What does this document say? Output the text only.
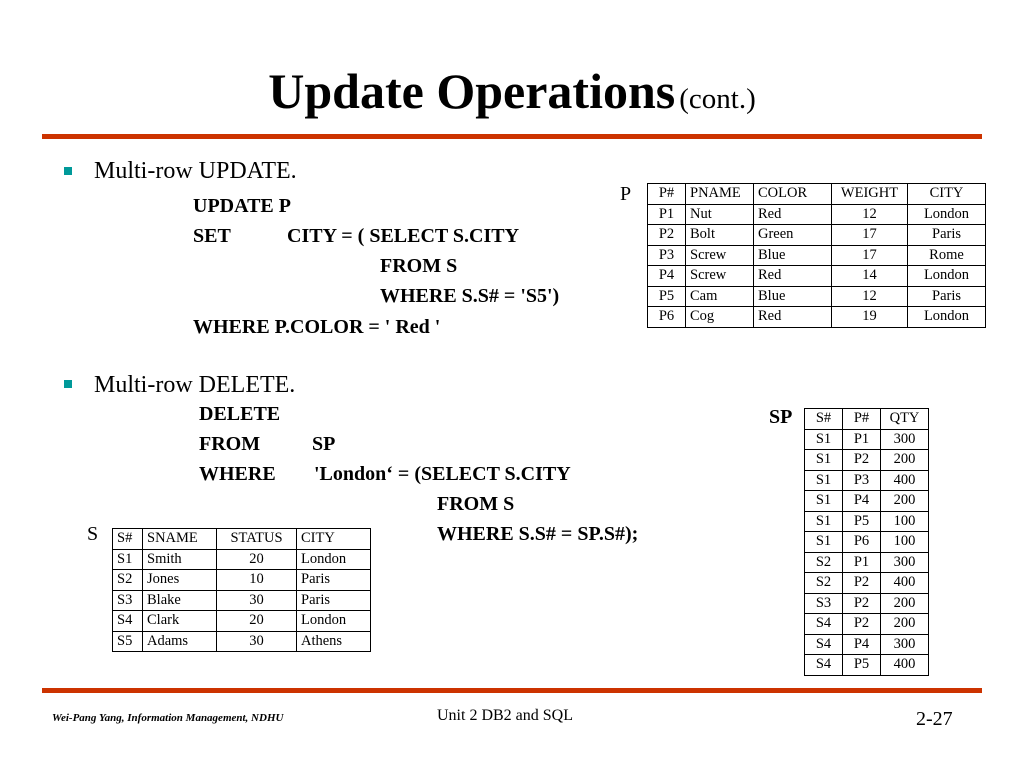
Update Operations (cont.)
Multi-row UPDATE.
UPDATE P
SET	CITY = ( SELECT S.CITY
FROM S
WHERE S.S# = 'S5')
WHERE P.COLOR = ' Red '
Multi-row DELETE.
DELETE
FROM	SP
WHERE 'London‘ = (SELECT S.CITY
FROM S
WHERE S.S# = SP.S#);
P
SP
S
P#	PNAME	COLOR	WEIGHT	CITY
P1	Nut	Red	12	London
P2	Bolt	Green	17	Paris
P3	Screw	Blue	17	Rome
P4	Screw	Red	14	London
P5	Cam	Blue	12	Paris
P6	Cog	Red	19	London
S#	P#	QTY
S1	P1	300
S1	P2	200
S1	P3	400
S1	P4	200
S1	P5	100
S1	P6	100
S2	P1	300
S2	P2	400
S3	P2	200
S4	P2	200
S4	P4	300
S4	P5	400
S#	SNAME	STATUS	CITY
S1	Smith	20	London
S2	Jones	10	Paris
S3	Blake	30	Paris
S4	Clark	20	London
S5	Adams	30	Athens
Wei-Pang Yang, Information Management, NDHU	Unit 2 DB2 and SQL	2-27
